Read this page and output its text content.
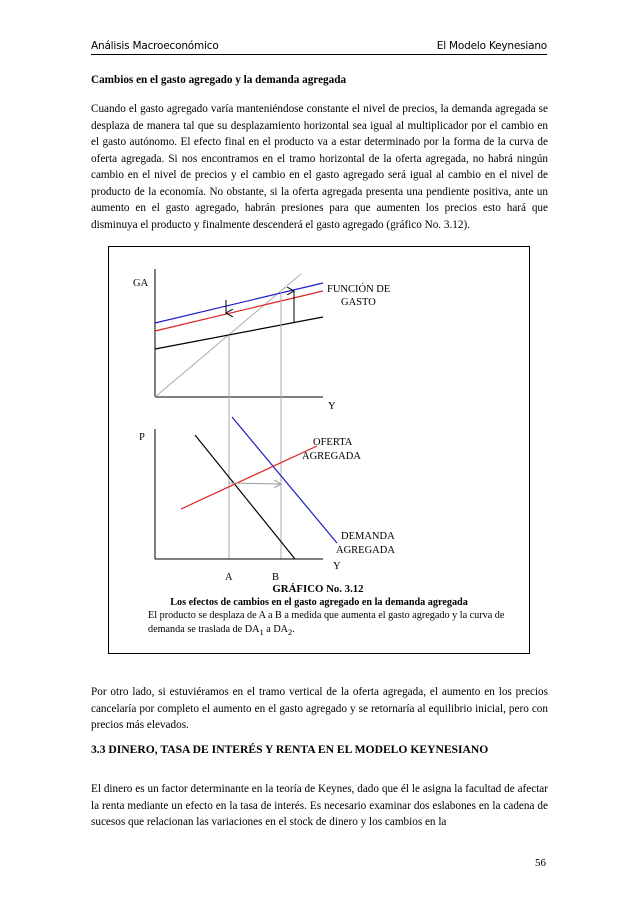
Análisis Macroeconómico	El Modelo Keynesiano
Cambios en el gasto agregado y la demanda agregada

Cuando el gasto agregado varía manteniéndose constante el nivel de precios, la demanda agregada se desplaza de manera tal que su desplazamiento horizontal sea igual al multiplicador por el cambio en el gasto autónomo. El efecto final en el producto va a estar determinado por la forma de la curva de oferta agregada. Si nos encontramos en el tramo horizontal de la oferta agregada, no habrá ningún cambio en el nivel de precios y el cambio en el gasto agregado será igual al cambio en el nivel de producto de la economía. No obstante, si la oferta agregada presenta una pendiente positiva, ante un aumento en el gasto agregado, habrán presiones para que aumenten los precios esto hará que disminuya el producto y finalmente descenderá el gasto agregado (gráfico No. 3.12).

GA
Y
FUNCIÓN DE
GASTO
P
Y
OFERTA
AGREGADA
DEMANDA
AGREGADA
A	B
GRÁFICO No. 3.12
Los efectos de cambios en el gasto agregado en la demanda agregada
El producto se desplaza de A a B a medida que aumenta el gasto agregado y la curva de demanda se traslada de $DA_1$ a $DA_2$.

Por otro lado, si estuviéramos en el tramo vertical de la oferta agregada, el aumento en los precios cancelaría por completo el aumento en el gasto agregado y se retornaría al equilibrio inicial, pero con precios más elevados.

3.3 DINERO, TASA DE INTERÉS Y RENTA EN EL MODELO KEYNESIANO

El dinero es un factor determinante en la teoría de Keynes, dado que él le asigna la facultad de afectar la renta mediante un efecto en la tasa de interés. Es necesario examinar dos eslabones en la cadena de sucesos que relacionan las variaciones en el stock de dinero y los cambios en la

56
